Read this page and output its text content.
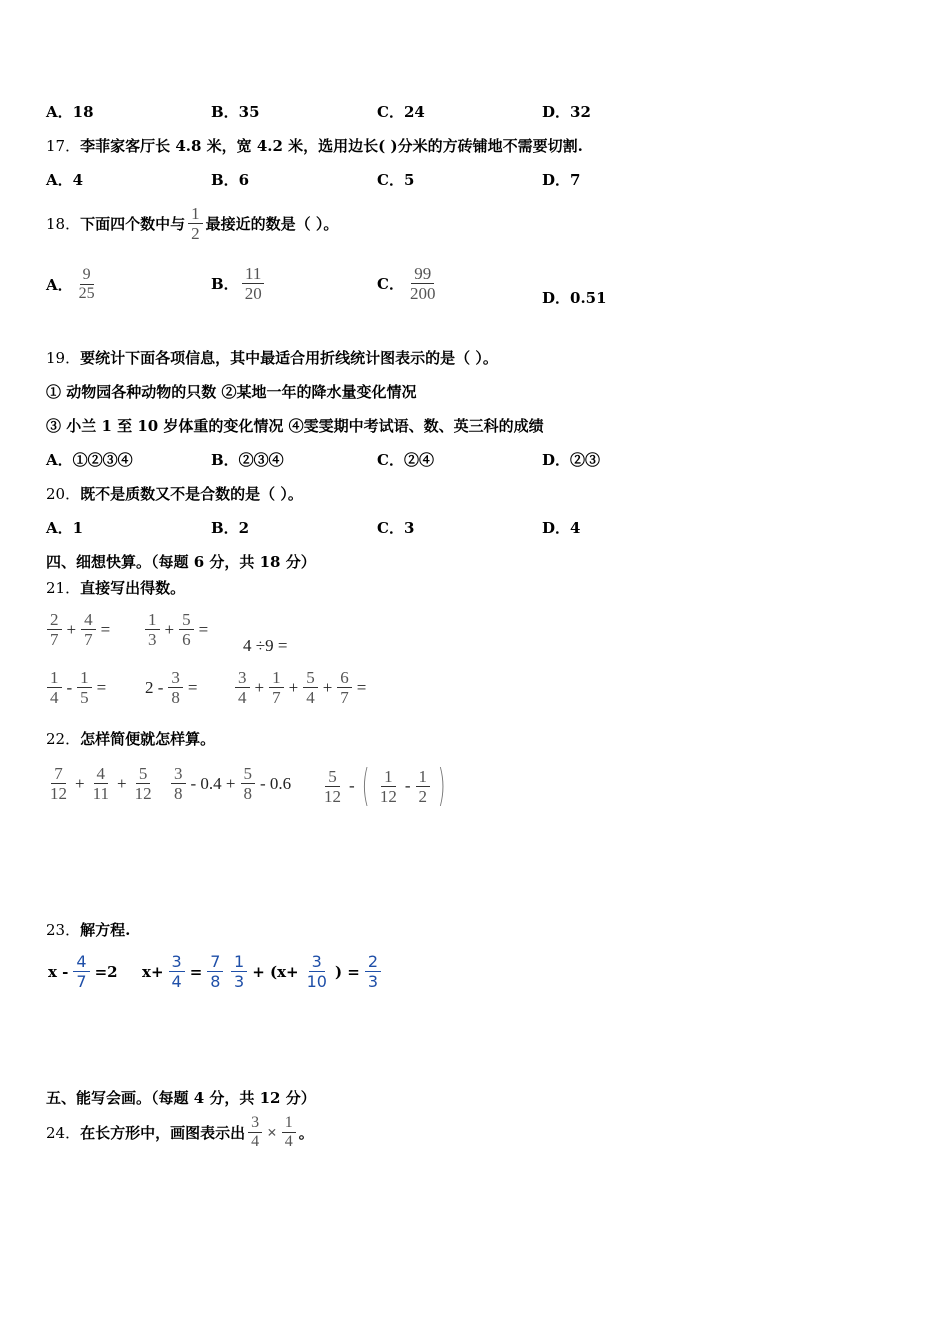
A．18	B．35	C．24	D．32
17．李菲家客厅长 4.8 米，宽 4.2 米，选用边长( )分米的方砖铺地不需要切割.
A．4	B．6	C．5	D．7
18． 下面四个数中与 $\frac{1}{2}$ 最接近的数是（ ）。
A． $\frac{9}{25}$	B． $\frac{11}{20}$	C． $\frac{99}{200}$	D．0.51
19．要统计下面各项信息，其中最适合用折线统计图表示的是（ ）。
① 动物园各种动物的只数 ②某地一年的降水量变化情况
③ 小兰 1 至 10 岁体重的变化情况 ④雯雯期中考试语、数、英三科的成绩
A．①②③④	B．②③④	C．②④	D．②③
20．既不是质数又不是合数的是（ ）。
A．1	B．2	C．3	D．4
四、细想快算。（每题 6 分，共 18 分）
21．直接写出得数。
$\frac{2}{7} + \frac{4}{7} = \frac{1}{3} + \frac{5}{6}$ =
4 ÷9 =
$\frac{1}{4} - \frac{1}{5} = 2 - \frac{3}{8} = \frac{3}{4} + \frac{1}{7} + \frac{5}{4} + \frac{6}{7}$ =
22．怎样简便就怎样算。
$\frac{7}{12} + \frac{4}{11} + \frac{5}{12} \frac{3}{8} - 0.4 + \frac{5}{8} - 0.6 \frac{5}{12}$ - ( $\frac{1}{12} - \frac{1}{2}$ )
23．解方程.
$x - \frac{4}{7} =2$ $x+ \frac{3}{4} = \frac{7}{8} \frac{1}{3} + (x+ \frac{3}{10}$ ) = $\frac{2}{3}$
五、能写会画。（每题 4 分，共 12 分）
24． 在长方形中，画图表示出 $\frac{3}{4} \times \frac{1}{4}$ 。
